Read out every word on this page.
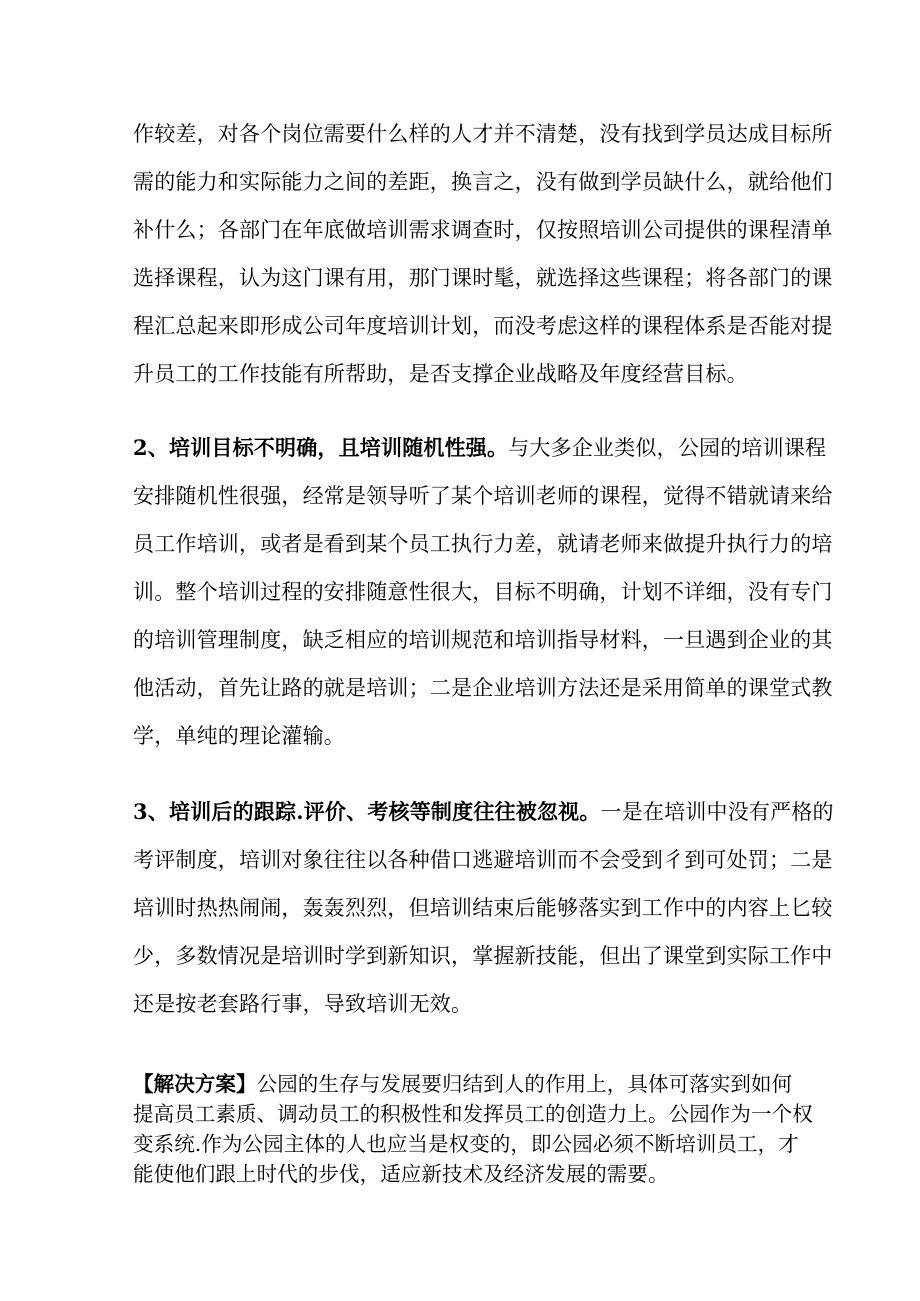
作较差，对各个岗位需要什么样的人才并不清楚，没有找到学员达成目标所
需的能力和实际能力之间的差距，换言之，没有做到学员缺什么，就给他们
补什么；各部门在年底做培训需求调查时，仅按照培训公司提供的课程清单
选择课程，认为这门课有用，那门课时髦，就选择这些课程；将各部门的课
程汇总起来即形成公司年度培训计划，而没考虑这样的课程体系是否能对提
升员工的工作技能有所帮助，是否支撑企业战略及年度经营目标。
2、培训目标不明确，且培训随机性强。与大多企业类似，公园的培训课程
安排随机性很强，经常是领导听了某个培训老师的课程，觉得不错就请来给
员工作培训，或者是看到某个员工执行力差，就请老师来做提升执行力的培
训。整个培训过程的安排随意性很大，目标不明确，计划不详细，没有专门
的培训管理制度，缺乏相应的培训规范和培训指导材料，一旦遇到企业的其
他活动，首先让路的就是培训；二是企业培训方法还是采用简单的课堂式教
学，单纯的理论灌输。
3、培训后的跟踪.评价、考核等制度往往被忽视。一是在培训中没有严格的
考评制度，培训对象往往以各种借口逃避培训而不会受到彳到可处罚；二是
培训时热热闹闹，轰轰烈烈，但培训结束后能够落实到工作中的内容上匕较
少，多数情况是培训时学到新知识，掌握新技能，但出了课堂到实际工作中
还是按老套路行事，导致培训无效。
【解决方案】公园的生存与发展要归结到人的作用上，具体可落实到如何
提高员工素质、调动员工的积极性和发挥员工的创造力上。公园作为一个权
变系统.作为公园主体的人也应当是权变的，即公园必须不断培训员工，才
能使他们跟上时代的步伐，适应新技术及经济发展的需要。
